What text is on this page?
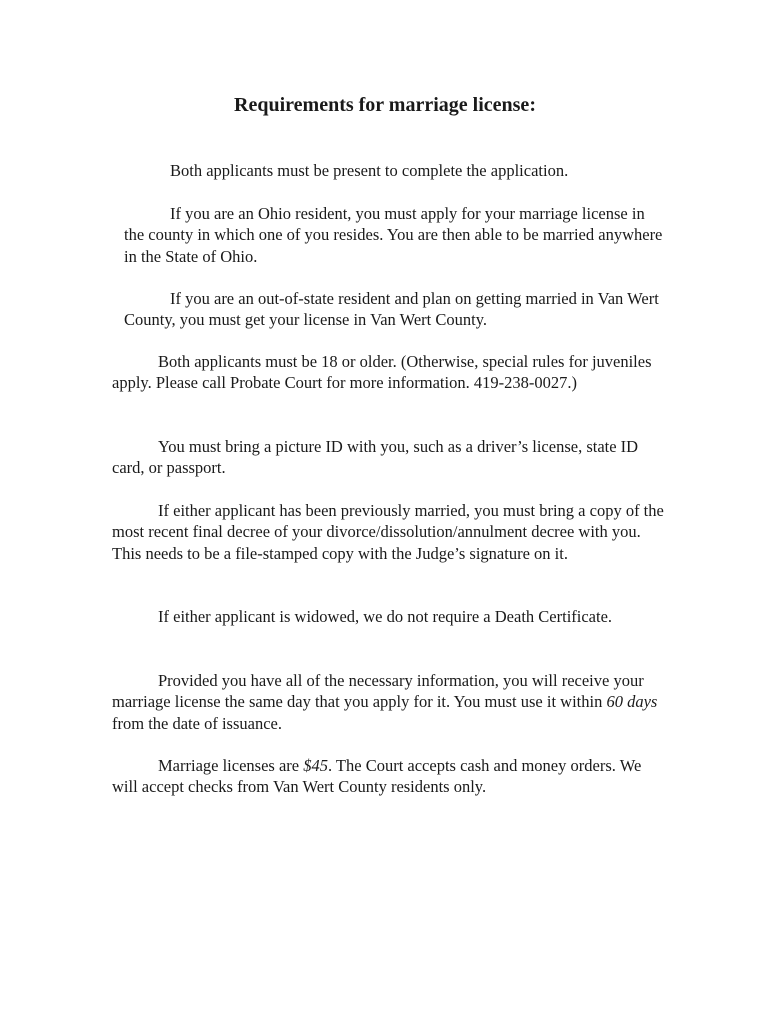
Requirements for marriage license:

Both applicants must be present to complete the application.

If you are an Ohio resident, you must apply for your marriage license in the county in which one of you resides. You are then able to be married anywhere in the State of Ohio.

If you are an out-of-state resident and plan on getting married in Van Wert County, you must get your license in Van Wert County.

Both applicants must be 18 or older. (Otherwise, special rules for juveniles apply. Please call Probate Court for more information. 419-238-0027.)

You must bring a picture ID with you, such as a driver’s license, state ID card, or passport.

If either applicant has been previously married, you must bring a copy of the most recent final decree of your divorce/dissolution/annulment decree with you. This needs to be a file-stamped copy with the Judge’s signature on it.

If either applicant is widowed, we do not require a Death Certificate.

Provided you have all of the necessary information, you will receive your marriage license the same day that you apply for it. You must use it within 60 days from the date of issuance.

Marriage licenses are $45. The Court accepts cash and money orders. We will accept checks from Van Wert County residents only.
